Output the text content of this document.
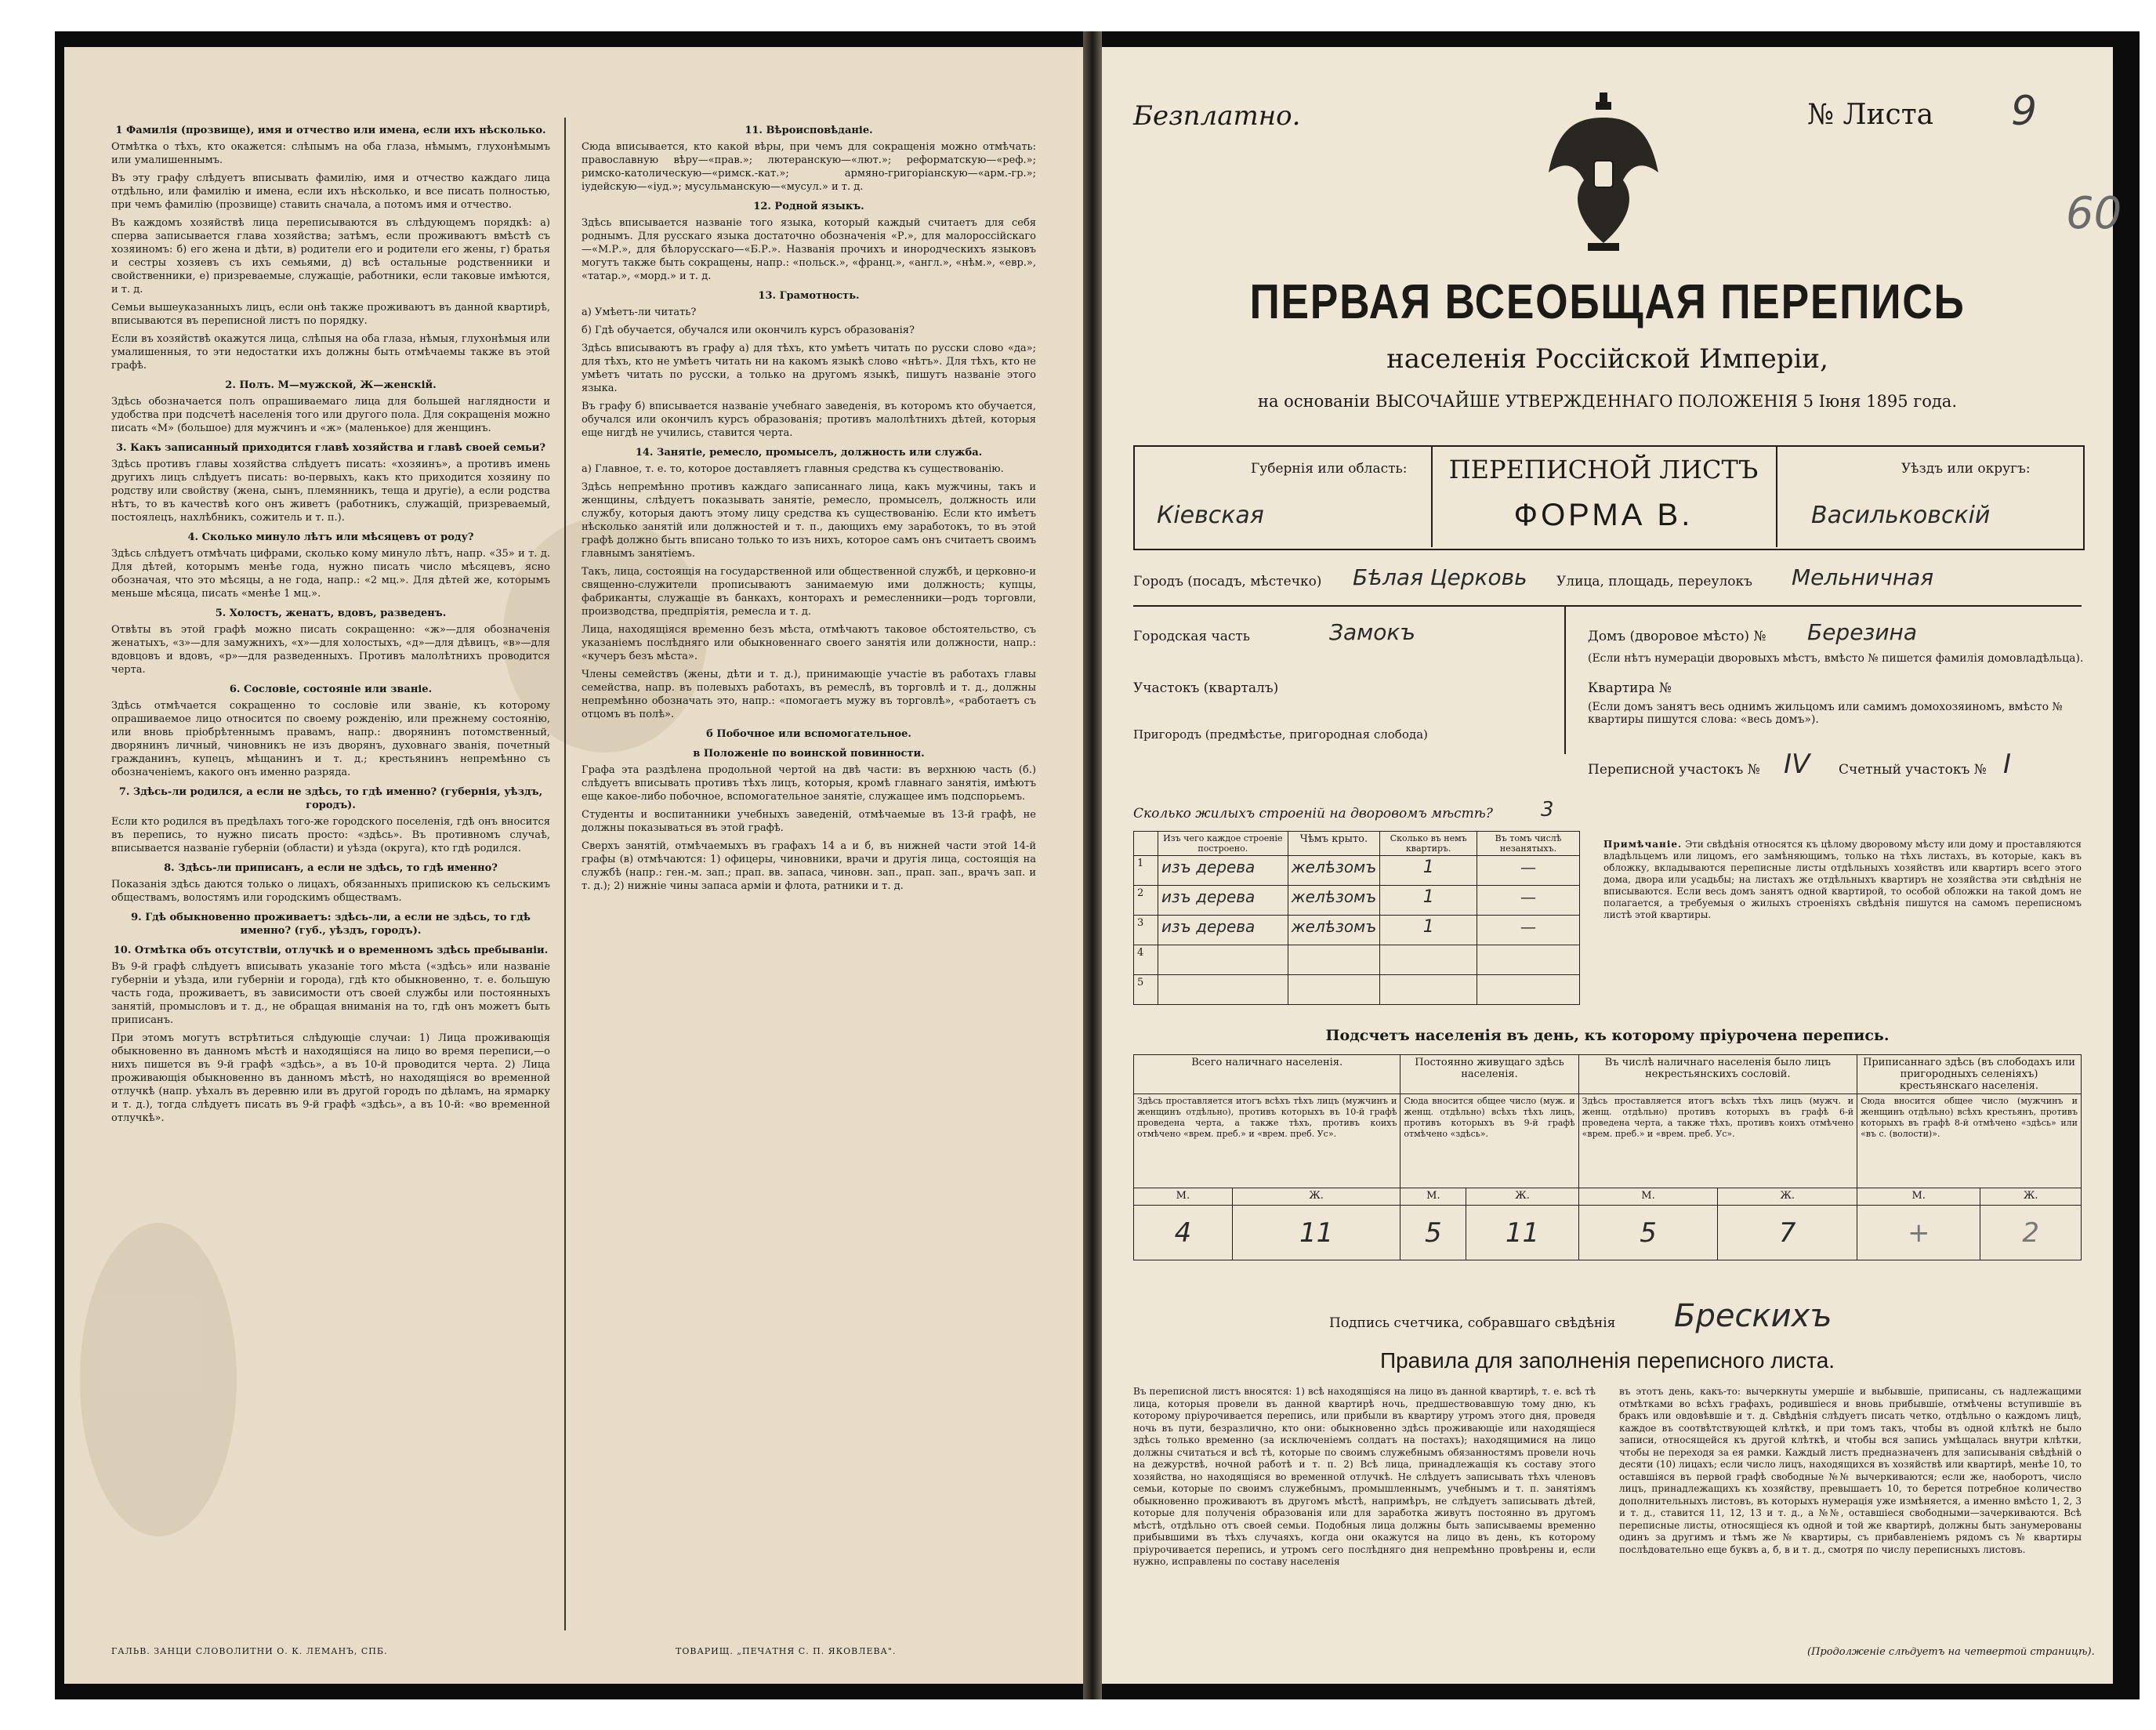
1 Фамилія (прозвище), имя и отчество или имена, если ихъ нѣсколько.

Отмѣтка о тѣхъ, кто окажется: слѣпымъ на оба глаза, нѣмымъ, глухонѣмымъ или умалишеннымъ.

Въ эту графу слѣдуетъ вписывать фамилію, имя и отчество каждаго лица отдѣльно, или фамилію и имена, если ихъ нѣсколько, и все писать полностью, при чемъ фамилію (прозвище) ставить сначала, а потомъ имя и отчество.

Въ каждомъ хозяйствѣ лица переписываются въ слѣдующемъ порядкѣ: а) сперва записывается глава хозяйства; затѣмъ, если проживаютъ вмѣстѣ съ хозяиномъ: б) его жена и дѣти, в) родители его и родители его жены, г) братья и сестры хозяевъ съ ихъ семьями, д) всѣ остальные родственники и свойственники, е) призреваемые, служащіе, работники, если таковые имѣются, и т. д.

Семьи вышеуказанныхъ лицъ, если онѣ также проживаютъ въ данной квартирѣ, вписываются въ переписной листъ по порядку.

Если въ хозяйствѣ окажутся лица, слѣпыя на оба глаза, нѣмыя, глухонѣмыя или умалишенныя, то эти недостатки ихъ должны быть отмѣчаемы также въ этой графѣ.

2. Полъ. М—мужской, Ж—женскій.

Здѣсь обозначается полъ опрашиваемаго лица для большей наглядности и удобства при подсчетѣ населенія того или другого пола. Для сокращенія можно писать «М» (большое) для мужчинъ и «ж» (маленькое) для женщинъ.

3. Какъ записанный приходится главѣ хозяйства и главѣ своей семьи?

Здѣсь противъ главы хозяйства слѣдуетъ писать: «хозяинъ», а противъ имень другихъ лицъ слѣдуетъ писать: во-первыхъ, какъ кто приходится хозяину по родству или свойству (жена, сынъ, племянникъ, теща и другіе), а если родства нѣтъ, то въ качествѣ кого онъ живетъ (работникъ, служащій, призреваемый, постоялецъ, нахлѣбникъ, сожитель и т. п.).

4. Сколько минуло лѣтъ или мѣсяцевъ от роду?

Здѣсь слѣдуетъ отмѣчать цифрами, сколько кому минуло лѣтъ, напр. «35» и т. д. Для дѣтей, которымъ менѣе года, нужно писать число мѣсяцевъ, ясно обозначая, что это мѣсяцы, а не года, напр.: «2 мц.». Для дѣтей же, которымъ меньше мѣсяца, писать «менѣе 1 мц.».

5. Холостъ, женатъ, вдовъ, разведенъ.

Отвѣты въ этой графѣ можно писать сокращенно: «ж»—для обозначенія женатыхъ, «з»—для замужнихъ, «х»—для холостыхъ, «д»—для дѣвицъ, «в»—для вдовцовъ и вдовъ, «р»—для разведенныхъ. Противъ малолѣтнихъ проводится черта.

6. Сословіе, состояніе или званіе.

Здѣсь отмѣчается сокращенно то сословіе или званіе, къ которому опрашиваемое лицо относится по своему рожденію, или прежнему состоянію, или вновь пріобрѣтеннымъ правамъ, напр.: дворянинъ потомственный, дворянинъ личный, чиновникъ не изъ дворянъ, духовнаго званія, почетный гражданинъ, купецъ, мѣщанинъ и т. д.; крестьянинъ непремѣнно съ обозначеніемъ, какого онъ именно разряда.

7. Здѣсь-ли родился, а если не здѣсь, то гдѣ именно? (губернія, уѣздъ, городъ).

Если кто родился въ предѣлахъ того-же городского поселенія, гдѣ онъ вносится въ перепись, то нужно писать просто: «здѣсь». Въ противномъ случаѣ, вписывается названіе губерніи (области) и уѣзда (округа), кто гдѣ родился.

8. Здѣсь-ли приписанъ, а если не здѣсь, то гдѣ именно?

Показанія здѣсь даются только о лицахъ, обязанныхъ припискою къ сельскимъ обществамъ, волостямъ или городскимъ обществамъ.

9. Гдѣ обыкновенно проживаетъ: здѣсь-ли, а если не здѣсь, то гдѣ именно? (губ., уѣздъ, городъ).

10. Отмѣтка объ отсутствіи, отлучкѣ и о временномъ здѣсь пребываніи.

Въ 9-й графѣ слѣдуетъ вписывать указаніе того мѣста («здѣсь» или названіе губерніи и уѣзда, или губерніи и города), гдѣ кто обыкновенно, т. е. большую часть года, проживаетъ, въ зависимости отъ своей службы или постоянныхъ занятій, промысловъ и т. д., не обращая вниманія на то, гдѣ онъ можетъ быть приписанъ.

При этомъ могутъ встрѣтиться слѣдующіе случаи: 1) Лица проживающія обыкновенно въ данномъ мѣстѣ и находящіяся на лицо во время переписи,—о нихъ пишется въ 9-й графѣ «здѣсь», а въ 10-й проводится черта. 2) Лица проживающія обыкновенно въ данномъ мѣстѣ, но находящіяся во временной отлучкѣ (напр. уѣхалъ въ деревню или въ другой городъ по дѣламъ, на ярмарку и т. д.), тогда слѣдуетъ писать въ 9-й графѣ «здѣсь», а въ 10-й: «во временной отлучкѣ».

11. Вѣроисповѣданіе.

Сюда вписывается, кто какой вѣры, при чемъ для сокращенія можно отмѣчать: православную вѣру—«прав.»; лютеранскую—«лют.»; реформатскую—«реф.»; римско-католическую—«римск.-кат.»; армяно-григоріанскую—«арм.-гр.»; іудейскую—«іуд.»; мусульманскую—«мусул.» и т. д.

12. Родной языкъ.

Здѣсь вписывается названіе того языка, который каждый считаетъ для себя роднымъ. Для русскаго языка достаточно обозначенія «Р.», для малороссійскаго—«М.Р.», для бѣлорусскаго—«Б.Р.». Названія прочихъ и инородческихъ языковъ могутъ также быть сокращены, напр.: «польск.», «франц.», «англ.», «нѣм.», «евр.», «татар.», «морд.» и т. д.

13. Грамотность.

а) Умѣетъ-ли читать?

б) Гдѣ обучается, обучался или окончилъ курсъ образованія?

Здѣсь вписываютъ въ графу а) для тѣхъ, кто умѣетъ читать по русски слово «да»; для тѣхъ, кто не умѣетъ читать ни на какомъ языкѣ слово «нѣтъ». Для тѣхъ, кто не умѣетъ читать по русски, а только на другомъ языкѣ, пишутъ названіе этого языка.

Въ графу б) вписывается названіе учебнаго заведенія, въ которомъ кто обучается, обучался или окончилъ курсъ образованія; противъ малолѣтнихъ дѣтей, которыя еще нигдѣ не учились, ставится черта.

14. Занятіе, ремесло, промыселъ, должность или служба.

а) Главное, т. е. то, которое доставляетъ главныя средства къ существованію.

Здѣсь непремѣнно противъ каждаго записаннаго лица, какъ мужчины, такъ и женщины, слѣдуетъ показывать занятіе, ремесло, промыселъ, должность или службу, которыя даютъ этому лицу средства къ существованію. Если кто имѣетъ нѣсколько занятій или должностей и т. п., дающихъ ему заработокъ, то въ этой графѣ должно быть вписано только то изъ нихъ, которое самъ онъ считаетъ своимъ главнымъ занятіемъ.

Такъ, лица, состоящія на государственной или общественной службѣ, и церковно-и священно-служители прописываютъ занимаемую ими должность; купцы, фабриканты, служащіе въ банкахъ, конторахъ и ремесленники—родъ торговли, производства, предпріятія, ремесла и т. д.

Лица, находящіяся временно безъ мѣста, отмѣчаютъ таковое обстоятельство, съ указаніемъ послѣдняго или обыкновеннаго своего занятія или должности, напр.: «кучеръ безъ мѣста».

Члены семействъ (жены, дѣти и т. д.), принимающіе участіе въ работахъ главы семейства, напр. въ полевыхъ работахъ, въ ремеслѣ, въ торговлѣ и т. д., должны непремѣнно обозначать это, напр.: «помогаетъ мужу въ торговлѣ», «работаетъ съ отцомъ въ полѣ».

б Побочное или вспомогательное.

в Положеніе по воинской повинности.

Графа эта раздѣлена продольной чертой на двѣ части: въ верхнюю часть (б.) слѣдуетъ вписывать противъ тѣхъ лицъ, которыя, кромѣ главнаго занятія, имѣютъ еще какое-либо побочное, вспомогательное занятіе, служащее имъ подспорьемъ.

Студенты и воспитанники учебныхъ заведеній, отмѣчаемые въ 13-й графѣ, не должны показываться въ этой графѣ.

Сверхъ занятій, отмѣчаемыхъ въ графахъ 14 а и б, въ нижней части этой 14-й графы (в) отмѣчаются: 1) офицеры, чиновники, врачи и другія лица, состоящія на службѣ (напр.: ген.-м. зап.; прап. вв. запаса, чиновн. зап., прап. зап., врачъ зап. и т. д.); 2) нижніе чины запаса арміи и флота, ратники и т. д.

ГАЛЬВ. ЗАНЦИ СЛОВОЛИТНИ О. К. ЛЕМАНЪ, СПБ.	ТОВАРИЩ. „ПЕЧАТНЯ С. П. ЯКОВЛЕВА".
Безплатно.	№ Листа 9
60
ПЕРВАЯ ВСЕОБЩАЯ ПЕРЕПИСЬ
населенія Россійской Имперіи,
на основаніи ВЫСОЧАЙШЕ УТВЕРЖДЕННАГО ПОЛОЖЕНІЯ 5 Іюня 1895 года.
Губернія или область:
Кіевская
ПЕРЕПИСНОЙ ЛИСТЪ
ФОРМА В.
Уѣздъ или округъ:
Васильковскій
Городъ (посадъ, мѣстечко) Бѣлая Церковь Улица, площадь, переулокъ Мельничная
Городская часть	Замокъ	Домъ (дворовое мѣсто) № Березина
(Если нѣтъ нумераціи дворовыхъ мѣстъ, вмѣсто № пишется фамилія домовладѣльца).
Участокъ (кварталъ)	Квартира №
(Если домъ занятъ весь однимъ жильцомъ или самимъ домохозяиномъ, вмѣсто № квартиры пишутся слова: «весь домъ»).
Пригородъ (предмѣстье, пригородная слобода)
Переписной участокъ № IV Счетный участокъ № I
Сколько жилыхъ строеній на дворовомъ мѣстѣ? 3
	Изъ чего каждое строеніе построено.	Чѣмъ крыто.	Сколько въ немъ квартиръ.	Въ томъ числѣ незанятыхъ.
1	изъ дерева	желѣзомъ	1	—
2	изъ дерева	желѣзомъ	1	—
3	изъ дерева	желѣзомъ	1	—
4				
5				
Примѣчаніе. Эти свѣдѣнія относятся къ цѣлому дворовому мѣсту или дому и проставляются владѣльцемъ или лицомъ, его замѣняющимъ, только на тѣхъ листахъ, въ которые, какъ въ обложку, вкладываются переписные листы отдѣльныхъ хозяйствъ или квартиръ всего этого дома, двора или усадьбы; на листахъ же отдѣльныхъ квартиръ не хозяйства эти свѣдѣнія не вписываются. Если весь домъ занятъ одной квартирой, то особой обложки на такой домъ не полагается, а требуемыя о жилыхъ строеніяхъ свѣдѣнія пишутся на самомъ переписномъ листѣ этой квартиры.
Подсчетъ населенія въ день, къ которому пріурочена перепись.
Всего наличнаго населенія.		Постоянно живущаго здѣсь населенія.		Въ числѣ наличнаго населенія было лицъ некрестьянскихъ сословій.		Приписаннаго здѣсь (въ слободахъ или пригородныхъ селеніяхъ) крестьянскаго населенія.	
Здѣсь проставляется итогъ всѣхъ тѣхъ лицъ (мужчинъ и женщинъ отдѣльно), противъ которыхъ въ 10-й графѣ проведена черта, а также тѣхъ, противъ коихъ отмѣчено «врем. преб.» и «врем. преб. Ус».		Сюда вносится общее число (муж. и женщ. отдѣльно) всѣхъ тѣхъ лицъ, противъ которыхъ въ 9-й графѣ отмѣчено «здѣсь».		Здѣсь проставляется итогъ всѣхъ тѣхъ лицъ (мужч. и женщ. отдѣльно) противъ которыхъ въ графѣ 6-й проведена черта, а также тѣхъ, противъ коихъ отмѣчено «врем. преб.» и «врем. преб. Ус».		Сюда вносится общее число (мужчинъ и женщинъ отдѣльно) всѣхъ крестьянъ, противъ которыхъ въ графѣ 8-й отмѣчено «здѣсь» или «въ с. (волости)».	
М.	Ж.	М.	Ж.	М.	Ж.	М.	Ж.
4	11	5	11	5	7	+	2
Подпись счетчика, собравшаго свѣдѣнія Брескихъ
Правила для заполненія переписного листа.
Въ переписной листъ вносятся: 1) всѣ находящіяся на лицо въ данной квартирѣ, т. е. всѣ тѣ лица, которыя провели въ данной квартирѣ ночь, предшествовавшую тому дню, къ которому пріурочивается перепись, или прибыли въ квартиру утромъ этого дня, проведя ночь въ пути, безразлично, кто они: обыкновенно здѣсь проживающіе или находящіеся здѣсь только временно (за исключеніемъ солдатъ на постахъ); находящимися на лицо должны считаться и всѣ тѣ, которые по своимъ служебнымъ обязанностямъ провели ночь на дежурствѣ, ночной работѣ и т. п. 2) Всѣ лица, принадлежащія къ составу этого хозяйства, но находящіяся во временной отлучкѣ. Не слѣдуетъ записывать тѣхъ членовъ семьи, которые по своимъ служебнымъ, промышленнымъ, учебнымъ и т. п. занятіямъ обыкновенно проживаютъ въ другомъ мѣстѣ, напримѣръ, не слѣдуетъ записывать дѣтей, которые для полученія образованія или для заработка живутъ постоянно въ другомъ мѣстѣ, отдѣльно отъ своей семьи. Подобныя лица должны быть записываемы временно прибывшими въ тѣхъ случаяхъ, когда они окажутся на лицо въ день, къ которому пріурочивается перепись, и утромъ сего послѣдняго дня непремѣнно провѣрены и, если нужно, исправлены по составу населенія
въ этотъ день, какъ-то: вычеркнуты умершіе и выбывшіе, приписаны, съ надлежащими отмѣтками во всѣхъ графахъ, родившіеся и вновь прибывшіе, отмѣчены вступившіе въ бракъ или овдовѣвшіе и т. д. Свѣдѣнія слѣдуетъ писать четко, отдѣльно о каждомъ лицѣ, каждое въ соотвѣтствующей клѣткѣ, и при томъ такъ, чтобы въ одной клѣткѣ не было записи, относящейся къ другой клѣткѣ, и чтобы вся запись умѣщалась внутри клѣтки, чтобы не переходя за ея рамки. Каждый листъ предназначенъ для записыванія свѣдѣній о десяти (10) лицахъ; если число лицъ, находящихся въ хозяйствѣ или квартирѣ, менѣе 10, то оставшіяся въ первой графѣ свободные №№ вычеркиваются; если же, наоборотъ, число лицъ, принадлежащихъ къ хозяйству, превышаетъ 10, то берется потребное количество дополнительныхъ листовъ, въ которыхъ нумерація уже измѣняется, а именно вмѣсто 1, 2, 3 и т. д., ставится 11, 12, 13 и т. д., а №№, оставшіеся свободными—зачеркиваются. Всѣ переписные листы, относящіеся къ одной и той же квартирѣ, должны быть занумерованы одинъ за другимъ и тѣмъ же № квартиры, съ прибавленіемъ рядомъ съ № квартиры послѣдовательно еще буквъ а, б, в и т. д., смотря по числу переписныхъ листовъ.
(Продолженіе слѣдуетъ на четвертой страницѣ).
